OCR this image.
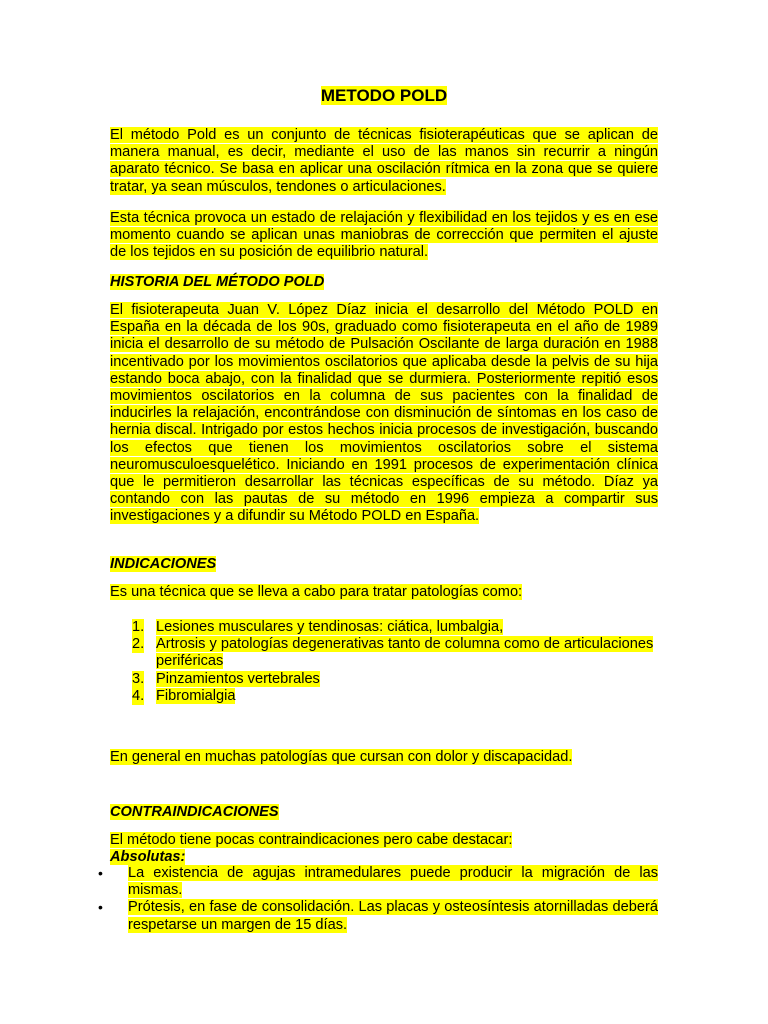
METODO POLD

El método Pold es un conjunto de técnicas fisioterapéuticas que se aplican de manera manual, es decir, mediante el uso de las manos sin recurrir a ningún aparato técnico. Se basa en aplicar una oscilación rítmica en la zona que se quiere tratar, ya sean músculos, tendones o articulaciones.

Esta técnica provoca un estado de relajación y flexibilidad en los tejidos y es en ese momento cuando se aplican unas maniobras de corrección que permiten el ajuste de los tejidos en su posición de equilibrio natural.

HISTORIA DEL MÉTODO POLD

El fisioterapeuta Juan V. López Díaz inicia el desarrollo del Método POLD en España en la década de los 90s, graduado como fisioterapeuta en el año de 1989 inicia el desarrollo de su método de Pulsación Oscilante de larga duración en 1988 incentivado por los movimientos oscilatorios que aplicaba desde la pelvis de su hija estando boca abajo, con la finalidad que se durmiera. Posteriormente repitió esos movimientos oscilatorios en la columna de sus pacientes con la finalidad de inducirles la relajación, encontrándose con disminución de síntomas en los caso de hernia discal. Intrigado por estos hechos inicia procesos de investigación, buscando los efectos que tienen los movimientos oscilatorios sobre el sistema neuromusculoesquelético. Iniciando en 1991 procesos de experimentación clínica que le permitieron desarrollar las técnicas específicas de su método. Díaz ya contando con las pautas de su método en 1996 empieza a compartir sus investigaciones y a difundir su Método POLD en España.

INDICACIONES

Es una técnica que se lleva a cabo para tratar patologías como:

1. Lesiones musculares y tendinosas: ciática, lumbalgia,
2. Artrosis y patologías degenerativas tanto de columna como de articulaciones periféricas
3. Pinzamientos vertebrales
4. Fibromialgia

En general en muchas patologías que cursan con dolor y discapacidad.

CONTRAINDICACIONES

El método tiene pocas contraindicaciones pero cabe destacar:

Absolutas:

• La existencia de agujas intramedulares puede producir la migración de las mismas.
• Prótesis, en fase de consolidación. Las placas y osteosíntesis atornilladas deberá respetarse un margen de 15 días.
